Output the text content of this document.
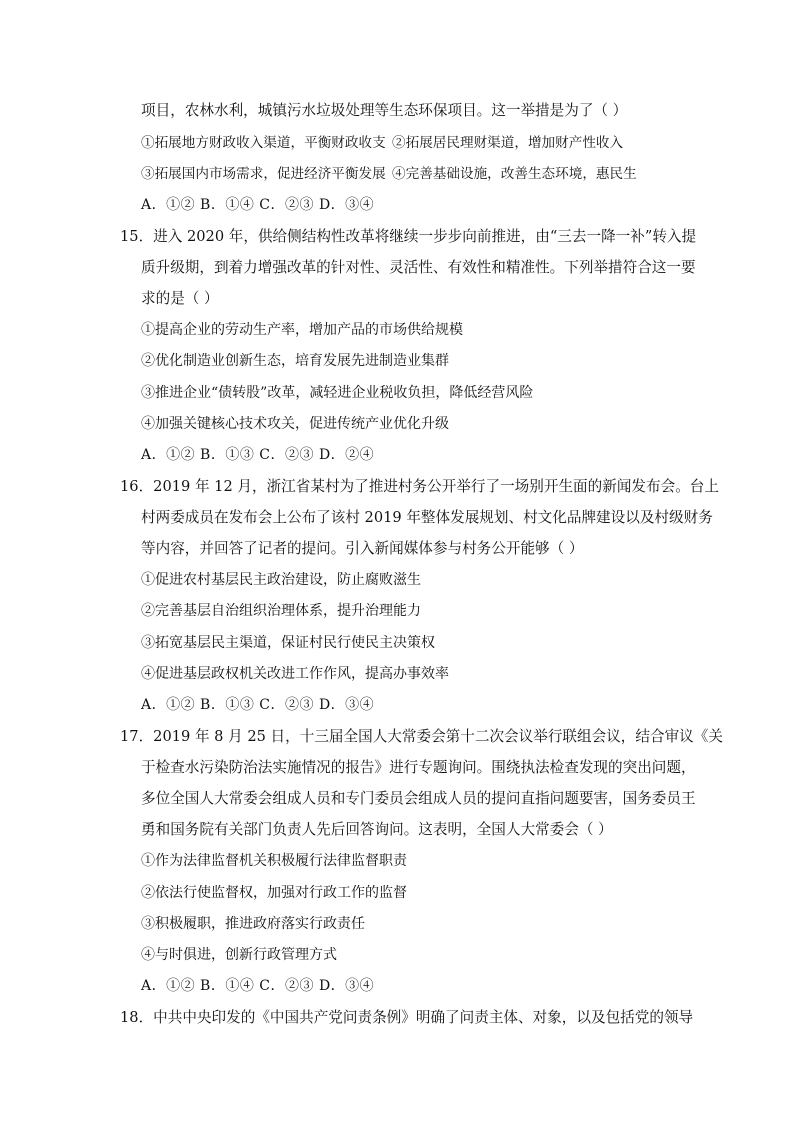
项目，农林水利，城镇污水垃圾处理等生态环保项目。这一举措是为了（ ）
①拓展地方财政收入渠道，平衡财政收支 ②拓展居民理财渠道，增加财产性收入
③拓展国内市场需求，促进经济平衡发展 ④完善基础设施，改善生态环境，惠民生
A．①② B．①④ C．②③ D．③④
15．进入 2020 年，供给侧结构性改革将继续一步步向前推进，由“三去一降一补”转入提
质升级期，到着力增强改革的针对性、灵活性、有效性和精准性。下列举措符合这一要
求的是（ ）
①提高企业的劳动生产率，增加产品的市场供给规模
②优化制造业创新生态，培育发展先进制造业集群
③推进企业“债转股”改革，减轻进企业税收负担，降低经营风险
④加强关键核心技术攻关，促进传统产业优化升级
A．①② B．①③ C．②③ D．②④
16．2019 年 12 月，浙江省某村为了推进村务公开举行了一场别开生面的新闻发布会。台上
村两委成员在发布会上公布了该村 2019 年整体发展规划、村文化品牌建设以及村级财务
等内容，并回答了记者的提问。引入新闻媒体参与村务公开能够（ ）
①促进农村基层民主政治建设，防止腐败滋生
②完善基层自治组织治理体系，提升治理能力
③拓宽基层民主渠道，保证村民行使民主决策权
④促进基层政权机关改进工作作风，提高办事效率
A．①② B．①③ C．②③ D．③④
17．2019 年 8 月 25 日，十三届全国人大常委会第十二次会议举行联组会议，结合审议《关
于检查水污染防治法实施情况的报告》进行专题询问。围绕执法检查发现的突出问题，
多位全国人大常委会组成人员和专门委员会组成人员的提问直指问题要害，国务委员王
勇和国务院有关部门负责人先后回答询问。这表明，全国人大常委会（ ）
①作为法律监督机关积极履行法律监督职责
②依法行使监督权，加强对行政工作的监督
③积极履职，推进政府落实行政责任
④与时俱进，创新行政管理方式
A．①② B．①④ C．②③ D．③④
18．中共中央印发的《中国共产党问责条例》明确了问责主体、对象，以及包括党的领导
